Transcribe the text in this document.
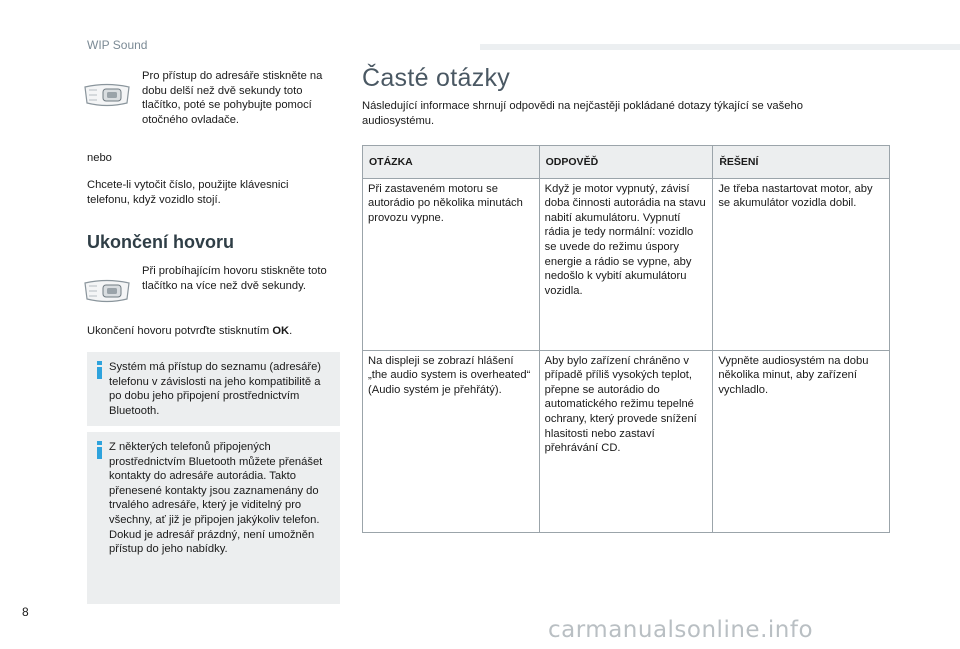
WIP Sound
Pro přístup do adresáře stiskněte na dobu delší než dvě sekundy toto tlačítko, poté se pohybujte pomocí otočného ovladače.
nebo
Chcete-li vytočit číslo, použijte klávesnici telefonu, když vozidlo stojí.
Ukončení hovoru
Při probíhajícím hovoru stiskněte toto tlačítko na více než dvě sekundy.
Ukončení hovoru potvrďte stisknutím OK.
Systém má přístup do seznamu (adresáře) telefonu v závislosti na jeho kompatibilitě a po dobu jeho připojení prostřednictvím Bluetooth.
Z některých telefonů připojených prostřednictvím Bluetooth můžete přenášet kontakty do adresáře autorádia. Takto přenesené kontakty jsou zaznamenány do trvalého adresáře, který je viditelný pro všechny, ať již je připojen jakýkoliv telefon.
Dokud je adresář prázdný, není umožněn přístup do jeho nabídky.
Časté otázky
Následující informace shrnují odpovědi na nejčastěji pokládané dotazy týkající se vašeho audiosystému.
OTÁZKA	ODPOVĚĎ	ŘEŠENÍ
Při zastaveném motoru se autorádio po několika minutách provozu vypne.	Když je motor vypnutý, závisí doba činnosti autorádia na stavu nabití akumulátoru. Vypnutí rádia je tedy normální: vozidlo se uvede do režimu úspory energie a rádio se vypne, aby nedošlo k vybití akumulátoru vozidla.	Je třeba nastartovat motor, aby se akumulátor vozidla dobil.
Na displeji se zobrazí hlášení „the audio system is overheated“ (Audio systém je přehřátý).	Aby bylo zařízení chráněno v případě příliš vysokých teplot, přepne se autorádio do automatického režimu tepelné ochrany, který provede snížení hlasitosti nebo zastaví přehrávání CD.	Vypněte audiosystém na dobu několika minut, aby zařízení vychladlo.
8
carmanualsonline.info
